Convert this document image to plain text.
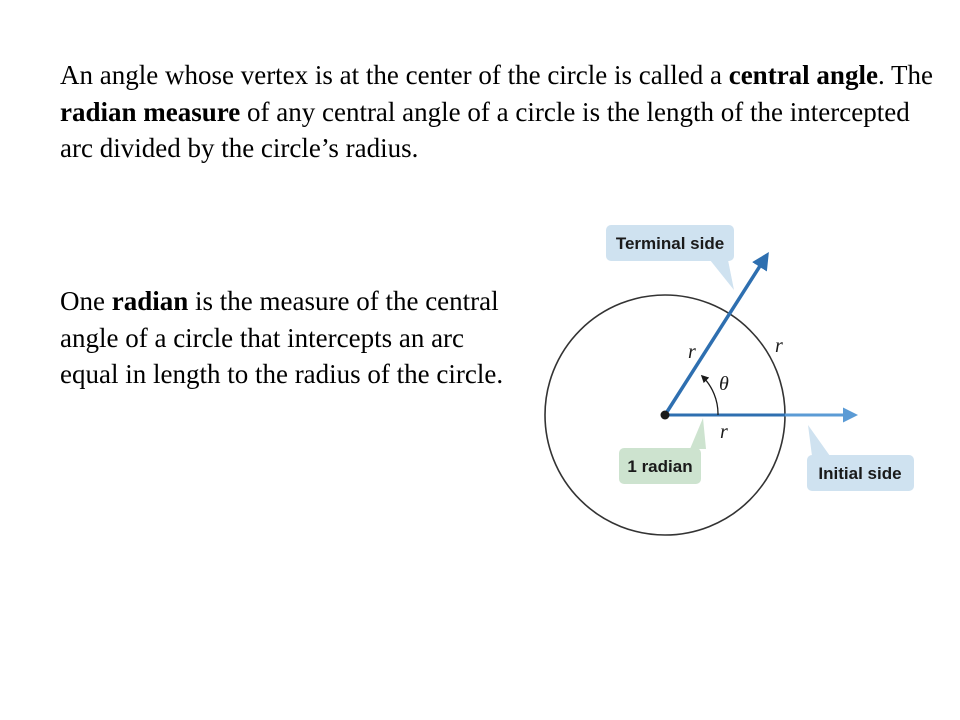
An angle whose vertex is at the center of the circle is called a central angle. The radian measure of any central angle of a circle is the length of the intercepted arc divided by the circle’s radius.

One radian is the measure of the central angle of a circle that intercepts an arc equal in length to the radius of the circle.

Terminal side
r	r
r
θ
1 radian	Initial side
